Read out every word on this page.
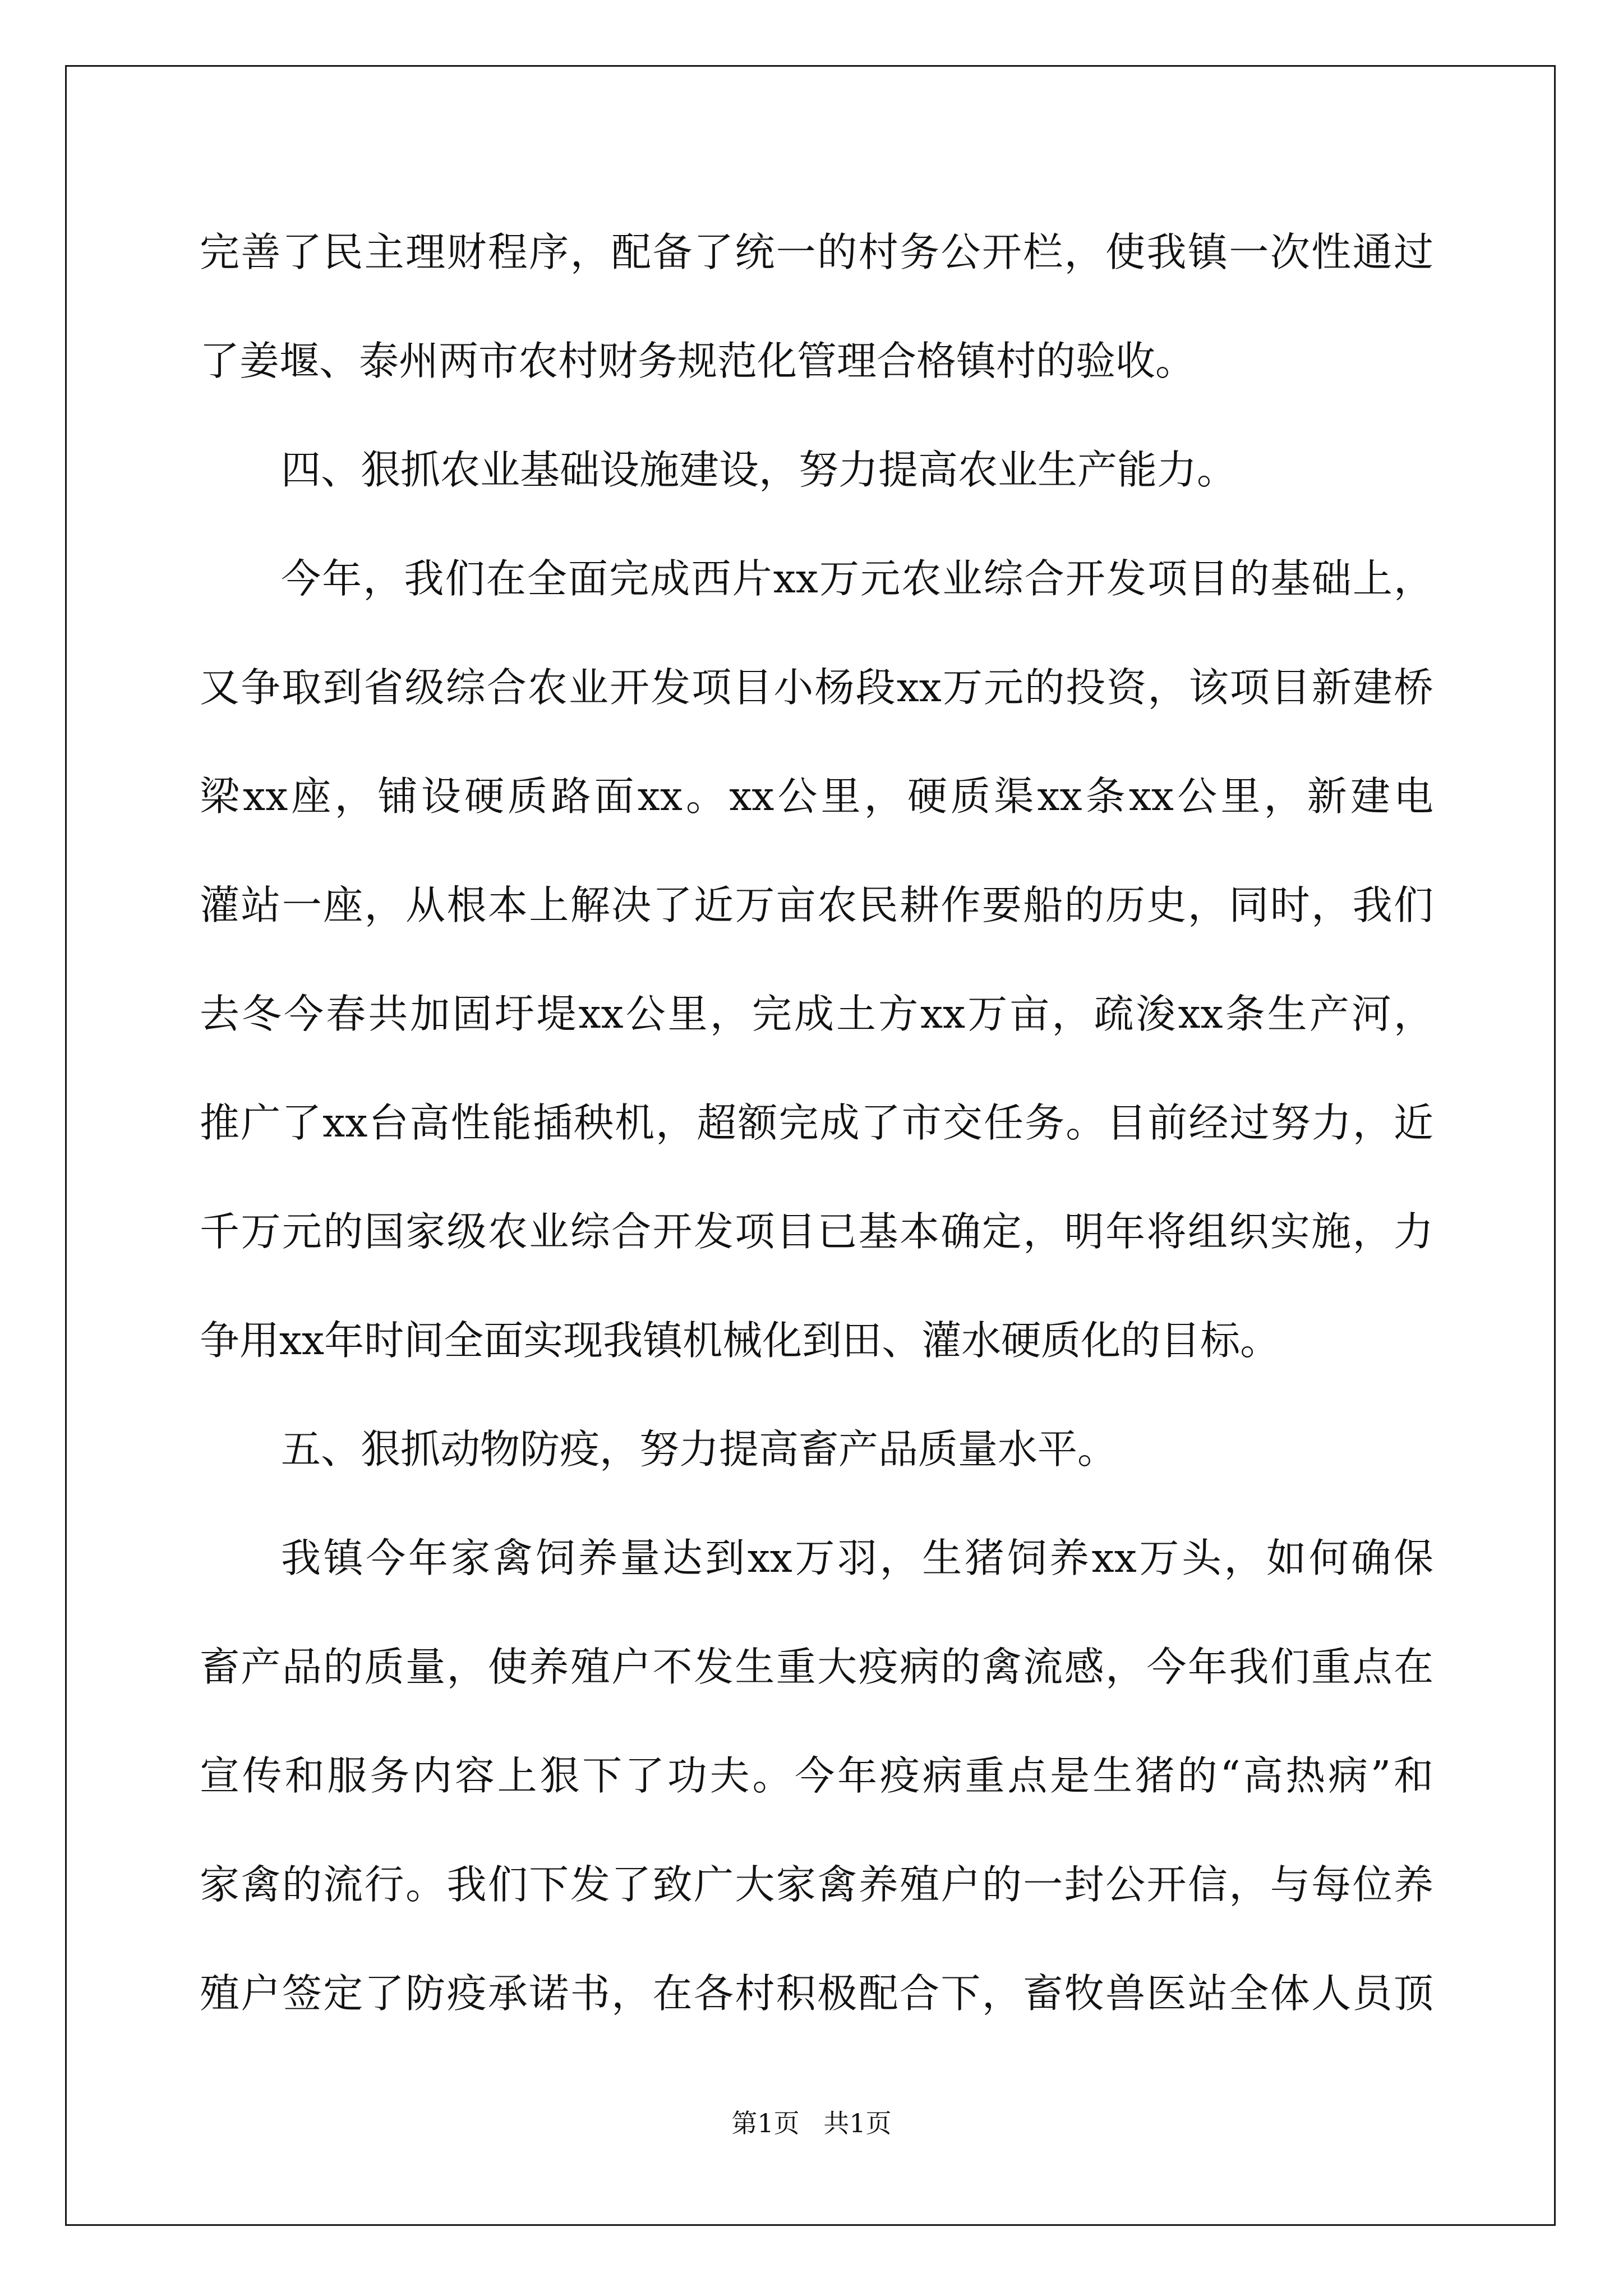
完善了民主理财程序，配备了统一的村务公开栏，使我镇一次性通过
了姜堰、泰州两市农村财务规范化管理合格镇村的验收。
四、狠抓农业基础设施建设，努力提高农业生产能力。
今年，我们在全面完成西片xx万元农业综合开发项目的基础上，
又争取到省级综合农业开发项目小杨段xx万元的投资，该项目新建桥
梁xx座，铺设硬质路面xx。xx公里，硬质渠xx条xx公里，新建电
灌站一座，从根本上解决了近万亩农民耕作要船的历史，同时，我们
去冬今春共加固圩堤xx公里，完成土方xx万亩，疏浚xx条生产河，
推广了xx台高性能插秧机，超额完成了市交任务。目前经过努力，近
千万元的国家级农业综合开发项目已基本确定，明年将组织实施，力
争用xx年时间全面实现我镇机械化到田、灌水硬质化的目标。
五、狠抓动物防疫，努力提高畜产品质量水平。
我镇今年家禽饲养量达到xx万羽，生猪饲养xx万头，如何确保
畜产品的质量，使养殖户不发生重大疫病的禽流感，今年我们重点在
宣传和服务内容上狠下了功夫。今年疫病重点是生猪的“高热病”和
家禽的流行。我们下发了致广大家禽养殖户的一封公开信，与每位养
殖户签定了防疫承诺书，在各村积极配合下，畜牧兽医站全体人员顶
第1页 共1页
